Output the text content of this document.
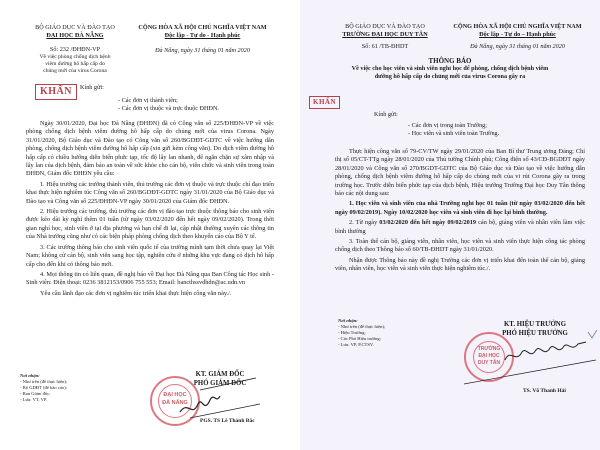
BỘ GIÁO DỤC VÀ ĐÀO TẠO
ĐẠI HỌC ĐÀ NẴNG
Số: 232 /ĐHĐN-VP
Về việc phòng chống dịch bệnh
viêm đường hô hấp cấp do
chủng mới của virus Corona
CỘNG HÒA XÃ HỘI CHỦ NGHĨA VIỆT NAM
Độc lập - Tự do - Hạnh phúc
Đà Nẵng, ngày 31 tháng 01 năm 2020
KHẨN	Kính gửi:
- Các đơn vị thành viên;
- Các đơn vị thuộc và trực thuộc ĐHĐN.

Ngày 30/01/2020, Đại học Đà Nẵng (ĐHĐN) đã có Công văn số 225/ĐHĐN-VP về việc phòng chống dịch bệnh viêm đường hô hấp cấp do chủng mới của virus Corona. Ngày 31/01/2020, Bộ Giáo dục và Đào tạo có Công văn số 260/BGDĐT-GDTC về việc hướng dẫn phòng, chống dịch bệnh viêm đường hô hấp cấp (xin gửi kèm công văn). Do dịch viêm đường hô hấp cấp có chiều hướng diễn biến phức tạp, tốc độ lây lan nhanh, để ngăn chặn sự xâm nhập và lây lan của dịch bệnh, đảm bảo an toàn về sức khỏe cho cán bộ, viên chức và sinh viên trong toàn ĐHĐN, Giám đốc ĐHĐN yêu cầu:

1. Hiệu trưởng các trường thành viên, thủ trưởng các đơn vị thuộc và trực thuộc chỉ đạo triển khai thực hiện nghiêm túc Công văn số 260/BGDĐT-GDTC ngày 31/01/2020 của Bộ Giáo dục và Đào tạo và Công văn số 225/ĐHĐN-VP ngày 30/01/2020 của Giám đốc ĐHĐN.

2. Hiệu trưởng các trường, thủ trưởng các đơn vị đào tạo trực thuộc thông báo cho sinh viên được kéo dài kỳ nghỉ thêm 01 tuần (từ ngày 03/02/2020 đến hết ngày 09/02/2020). Trong thời gian nghỉ học, sinh viên ở tại địa phương và hạn chế đi lại, cập nhật thường xuyên các thông tin của Nhà trường cũng như có các biện pháp phòng chống dịch theo khuyến cáo của Bộ Y tế.

3. Các trường thông báo cho sinh viên quốc tế của trường mình tạm thời chưa quay lại Việt Nam; không cử cán bộ, sinh viên sang học tập, nghiên cứu ở những khu vực đang có dịch hô hấp cấp cho đến khi có thông báo mới.

4. Mọi thông tin có liên quan, đề nghị báo về Đại học Đà Nẵng qua Ban Công tác Học sinh - Sinh viên: Điện thoại: 0236 3812153/0906 755 553; Email: bancthssvdhdn@ac.udn.vn

Yêu cầu lãnh đạo các đơn vị nghiêm túc triển khai thực hiện công văn này./.

Nơi nhận:
- Như trên (để thực hiện);
- Bộ GDĐT (để báo cáo);
- Ban Giám đốc;
- Lưu: VT, VP.
ĐẠI HỌC
ĐÀ NẴNG
KT. GIÁM ĐỐC
PHÓ GIÁM ĐỐC
PGS. TS Lê Thành Bắc
BỘ GIÁO DỤC VÀ ĐÀO TẠO
TRƯỜNG ĐẠI HỌC DUY TÂN
Số: 61 /TB-ĐHDT
CỘNG HÒA XÃ HỘI CHỦ NGHĨA VIỆT NAM
Độc lập - Tự do – Hạnh phúc
Đà Nẵng, ngày 31 tháng 01 năm 2020
THÔNG BÁO
Về việc cho học viên và sinh viên nghỉ học để phòng, chống dịch bệnh viêm
đường hô hấp cấp do chủng mới của virus Corona gây ra
KHẨN
Kính gửi:
- Các đơn vị trong toàn Trường;
- Học viên và sinh viên toàn Trường.

Thực hiện công văn số 79-CV/TW ngày 29/01/2020 của Ban Bí thư Trung ương Đảng; Chỉ thị số 05/CT-TTg ngày 28/01/2020 của Thủ tướng Chính phủ; Công điện số 43/CĐ-BGDĐT ngày 28/01/2020 và Công văn số 270/BGDT-GDTC của Bộ Giáo dục và Đào tạo về việc hướng dẫn phòng, chống dịch bệnh viêm đường hô hấp cấp do chủng mới của vi rút Corona gây ra trong trường học. Trước diễn biến phức tạp của dịch bệnh, Hiệu trưởng Trường Đại học Duy Tân thông báo các nội dung sau:

1. Học viên và sinh viên của nhà Trường nghỉ học 01 tuần (từ ngày 03/02/2020 đến hết ngày 09/02/2019). Ngày 10/02/2020 học viên và sinh viên đi học lại bình thường.

2. Từ ngày 03/02/2020 đến hết ngày 09/02/2019 cán bộ, giảng viên và nhân viên làm việc bình thường

3. Toàn thể cán bộ, giảng viên, nhân viên, học viên và sinh viên thực hiện công tác phòng chống dịch theo Thông báo số 60/TB-ĐHDT ngày 31/01/2020.

Nhận được Thông báo này đề nghị Trường các đơn vị triển khai đến toàn thể cán bộ, giảng viên, nhân viên, học viên và sinh viên thực hiện nghiêm túc./.

Nơi nhận:
- Như trên (để thực hiện);
- Hiệu Trưởng;
- Các Phó Hiệu trưởng;
- Lưu: VP, P.CTSV.
KT. HIỆU TRƯỞNG
PHÓ HIỆU TRƯỞNG
TRƯỜNG
ĐẠI HỌC
DUY TÂN
TS. Võ Thanh Hải
